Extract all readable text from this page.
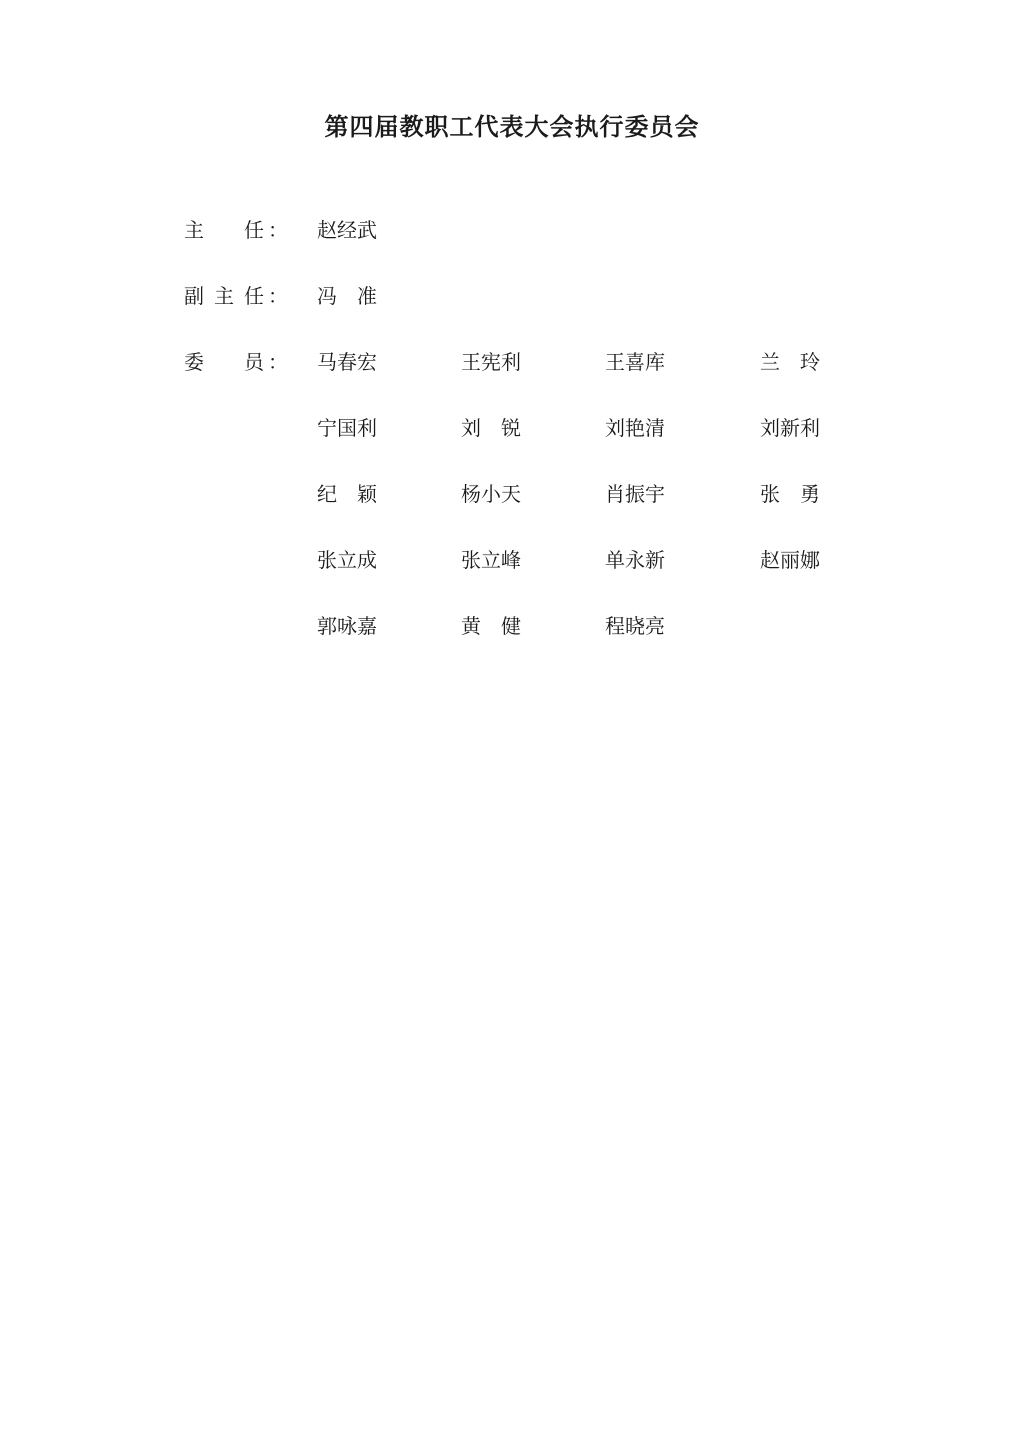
第四届教职工代表大会执行委员会
主 任 ： 赵经武
副 主 任 ： 冯 准
委 员 ： 马春宏	王宪利	王喜库	兰 玲
宁国利	刘 锐	刘艳清	刘新利
纪 颖	杨小天	肖振宇	张 勇
张立成	张立峰	单永新	赵丽娜
郭咏嘉	黄 健	程晓亮
